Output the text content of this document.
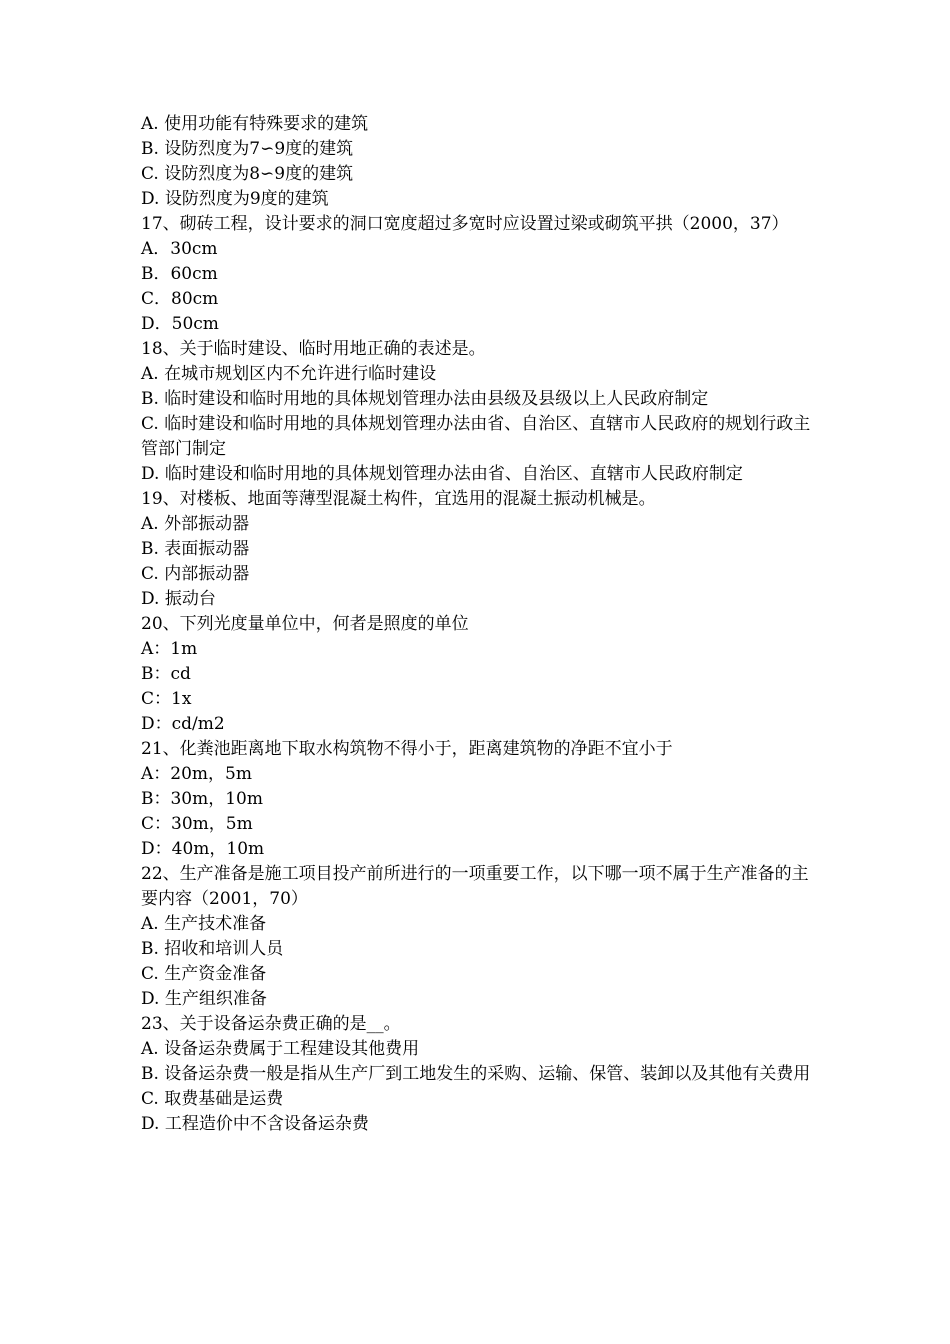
A. 使用功能有特殊要求的建筑
B. 设防烈度为7∽9度的建筑
C. 设防烈度为8∽9度的建筑
D. 设防烈度为9度的建筑
17、砌砖工程，设计要求的洞口宽度超过多宽时应设置过梁或砌筑平拱（2000，37）
A．30cm
B．60cm
C．80cm
D．50cm
18、关于临时建设、临时用地正确的表述是。
A. 在城市规划区内不允许进行临时建设
B. 临时建设和临时用地的具体规划管理办法由县级及县级以上人民政府制定
C. 临时建设和临时用地的具体规划管理办法由省、自治区、直辖市人民政府的规划行政主管部门制定
D. 临时建设和临时用地的具体规划管理办法由省、自治区、直辖市人民政府制定
19、对楼板、地面等薄型混凝土构件，宜选用的混凝土振动机械是。
A. 外部振动器
B. 表面振动器
C. 内部振动器
D. 振动台
20、下列光度量单位中，何者是照度的单位
A：1m
B：cd
C：1x
D：cd/m2
21、化粪池距离地下取水构筑物不得小于，距离建筑物的净距不宜小于
A：20m，5m
B：30m，10m
C：30m，5m
D：40m，10m
22、生产准备是施工项目投产前所进行的一项重要工作，以下哪一项不属于生产准备的主要内容（2001，70）
A. 生产技术准备
B. 招收和培训人员
C. 生产资金准备
D. 生产组织准备
23、关于设备运杂费正确的是__。
A. 设备运杂费属于工程建设其他费用
B. 设备运杂费一般是指从生产厂到工地发生的采购、运输、保管、装卸以及其他有关费用
C. 取费基础是运费
D. 工程造价中不含设备运杂费
